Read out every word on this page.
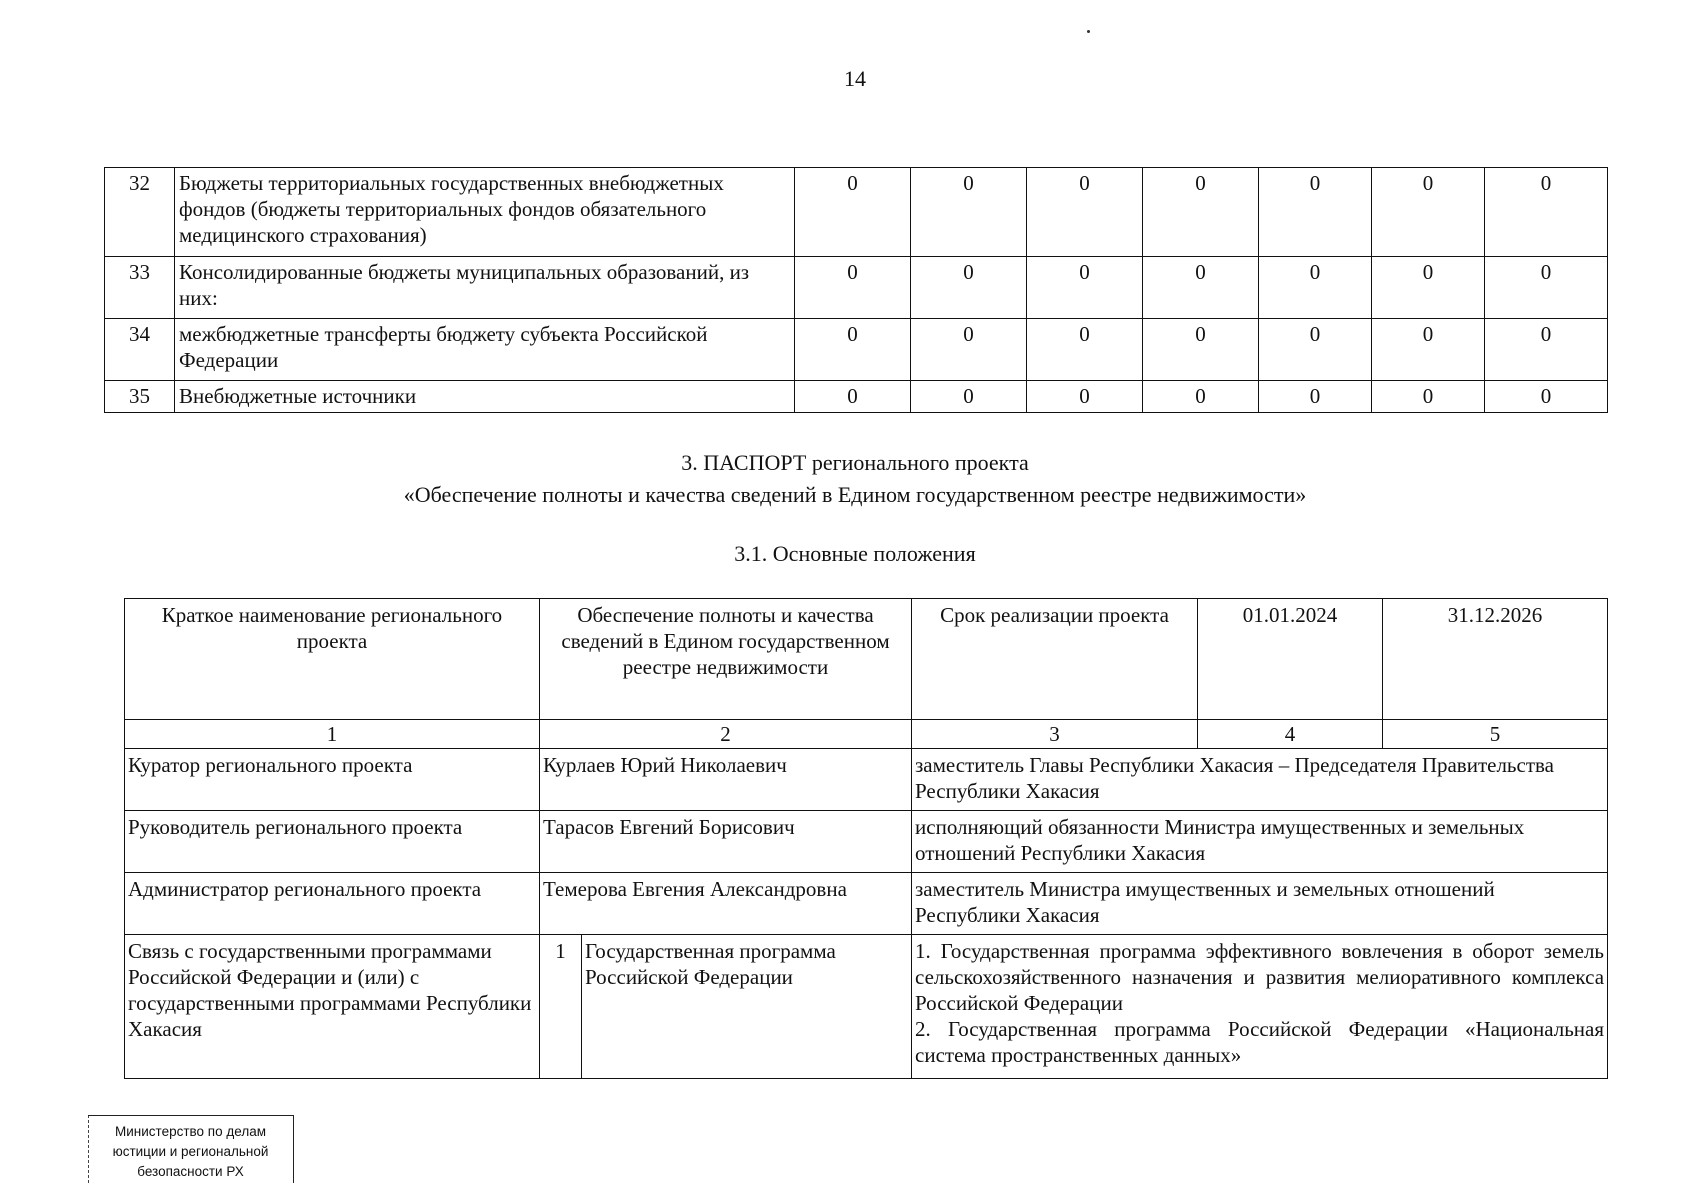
14
32	Бюджеты территориальных государственных внебюджетных фондов (бюджеты территориальных фондов обязательного медицинского страхования)	0	0	0	0	0	0	0
33	Консолидированные бюджеты муниципальных образований, из них:	0	0	0	0	0	0	0
34	межбюджетные трансферты бюджету субъекта Российской Федерации	0	0	0	0	0	0	0
35	Внебюджетные источники	0	0	0	0	0	0	0
3. ПАСПОРТ регионального проекта
«Обеспечение полноты и качества сведений в Едином государственном реестре недвижимости»
3.1. Основные положения
Краткое наименование регионального проекта	Обеспечение полноты и качества сведений в Едином государственном реестре недвижимости		Срок реализации проекта	01.01.2024	31.12.2026
1	2		3	4	5
Куратор регионального проекта	Курлаев Юрий Николаевич		заместитель Главы Республики Хакасия – Председателя Правительства Республики Хакасия		
Руководитель регионального проекта	Тарасов Евгений Борисович		исполняющий обязанности Министра имущественных и земельных отношений Республики Хакасия		
Администратор регионального проекта	Темерова Евгения Александровна		заместитель Министра имущественных и земельных отношений Республики Хакасия		
Связь с государственными программами Российской Федерации и (или) с государственными программами Республики Хакасия	1	Государственная программа Российской Федерации	1. Государственная программа эффективного вовлечения в оборот земель сельскохозяйственного назначения и развития мелиоративного комплекса Российской Федерации
2. Государственная программа Российской Федерации «Национальная система пространственных данных»		
Министерство по делам
юстиции и региональной
безопасности РХ
